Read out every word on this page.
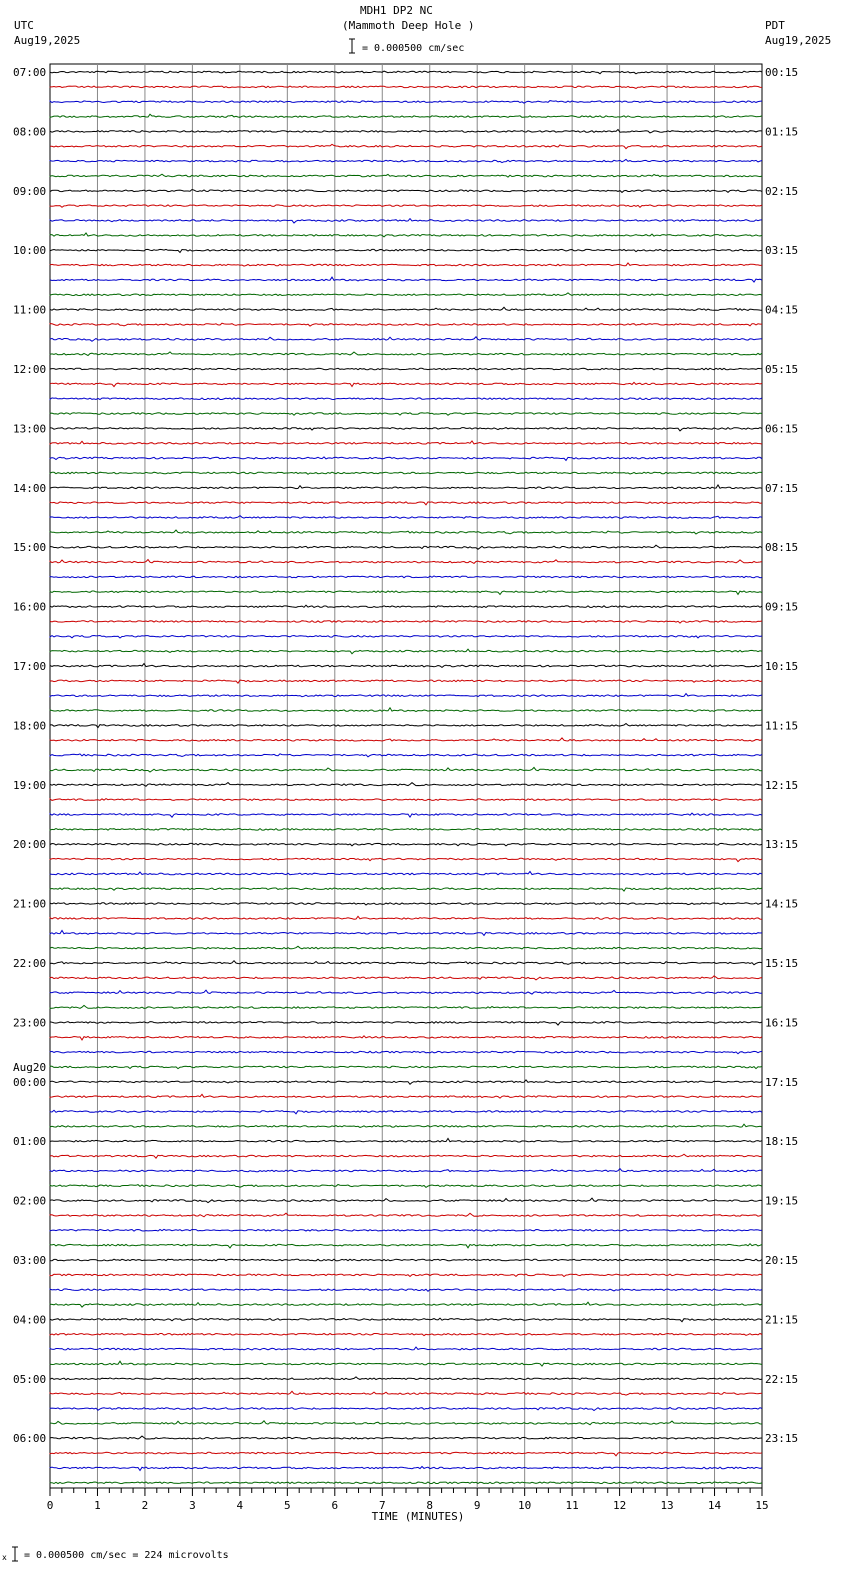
MDH1 DP2 NC
(Mammoth Deep Hole )
UTC
Aug19,2025
PDT
Aug19,2025
= 0.000500 cm/sec
07:00
08:00
09:00
10:00
11:00
12:00
13:00
14:00
15:00
16:00
17:00
18:00
19:00
20:00
21:00
22:00
23:00
00:00
Aug20
01:00
02:00
03:00
04:00
05:00
06:00
00:15
01:15
02:15
03:15
04:15
05:15
06:15
07:15
08:15
09:15
10:15
11:15
12:15
13:15
14:15
15:15
16:15
17:15
18:15
19:15
20:15
21:15
22:15
23:15
0	1	2	3	4	5	6	7	8	9	10	11	12	13	14	15
TIME (MINUTES)
x = 0.000500 cm/sec = 224 microvolts
